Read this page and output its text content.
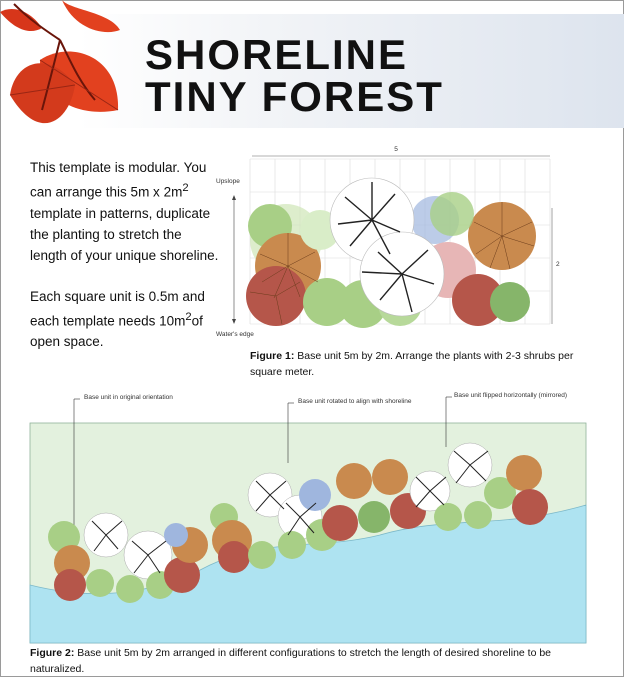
SHORELINE
TINY FOREST

This template is modular. You can arrange this 5m x $2m^2$ template in patterns, duplicate the planting to stretch the length of your unique shoreline.

Each square unit is 0.5m and each template needs $10m^2of$ open space.

5
2
Upslope
Water's edge
Figure 1: Base unit 5m by 2m. Arrange the plants with 2-3 shrubs per square meter.
Base unit in original orientation
Base unit rotated to align with shoreline
Base unit flipped horizontally (mirrored)
Figure 2: Base unit 5m by 2m arranged in different configurations to stretch the length of desired shoreline to be naturalized.
